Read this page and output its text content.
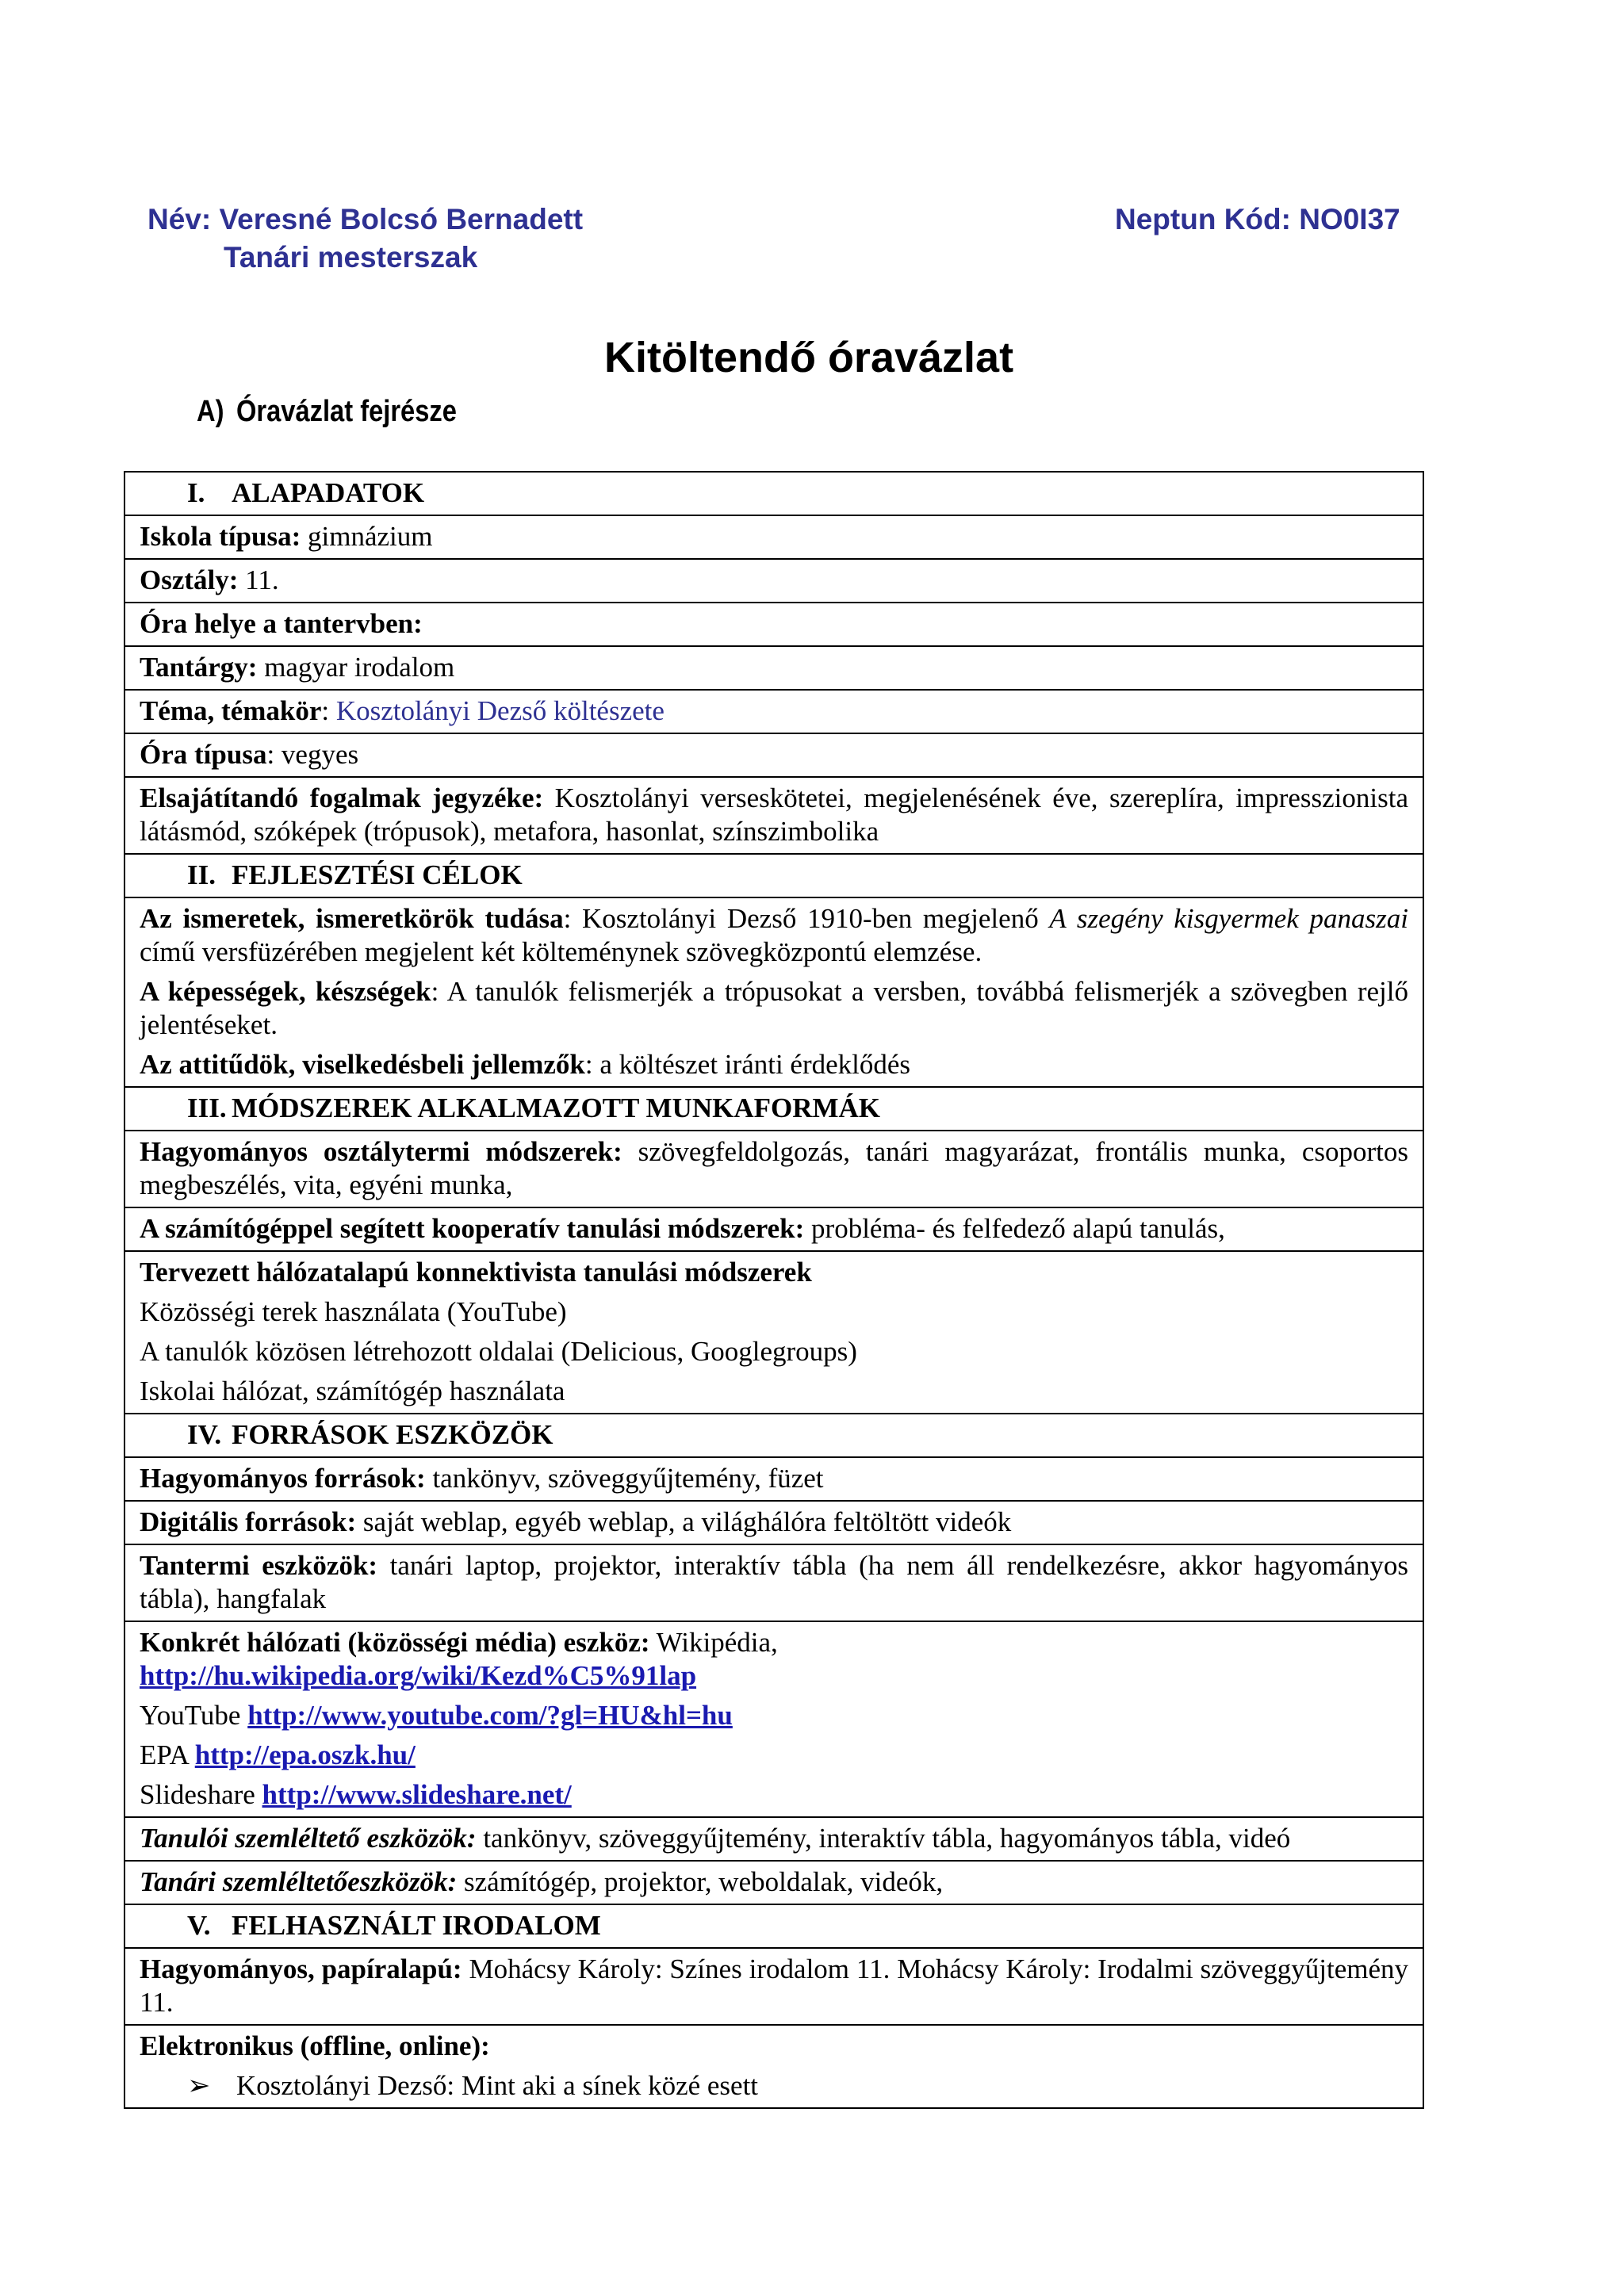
Név: Veresné Bolcsó Bernadett
Tanári mesterszak
Neptun Kód: NO0I37
Kitöltendő óravázlat
A) Óravázlat fejrésze
I. ALAPADATOK
Iskola típusa: gimnázium
Osztály: 11.
Óra helye a tantervben:
Tantárgy: magyar irodalom
Téma, témakör: Kosztolányi Dezső költészete
Óra típusa: vegyes
Elsajátítandó fogalmak jegyzéke: Kosztolányi verseskötetei, megjelenésének éve, szereplíra, impresszionista látásmód, szóképek (trópusok), metafora, hasonlat, színszimbolika
II. FEJLESZTÉSI CÉLOK
Az ismeretek, ismeretkörök tudása: Kosztolányi Dezső 1910-ben megjelenő A szegény kisgyermek panaszai című versfüzérében megjelent két költeménynek szövegközpontú elemzése.
A képességek, készségek: A tanulók felismerjék a trópusokat a versben, továbbá felismerjék a szövegben rejlő jelentéseket.
Az attitűdök, viselkedésbeli jellemzők: a költészet iránti érdeklődés
III. MÓDSZEREK ALKALMAZOTT MUNKAFORMÁK
Hagyományos osztálytermi módszerek: szövegfeldolgozás, tanári magyarázat, frontális munka, csoportos megbeszélés, vita, egyéni munka,
A számítógéppel segített kooperatív tanulási módszerek: probléma- és felfedező alapú tanulás,
Tervezett hálózatalapú konnektivista tanulási módszerek
Közösségi terek használata (YouTube)
A tanulók közösen létrehozott oldalai (Delicious, Googlegroups)
Iskolai hálózat, számítógép használata
IV. FORRÁSOK ESZKÖZÖK
Hagyományos források: tankönyv, szöveggyűjtemény, füzet
Digitális források: saját weblap, egyéb weblap, a világhálóra feltöltött videók
Tantermi eszközök: tanári laptop, projektor, interaktív tábla (ha nem áll rendelkezésre, akkor hagyományos tábla), hangfalak
Konkrét hálózati (közösségi média) eszköz: Wikipédia,
http://hu.wikipedia.org/wiki/Kezd%C5%91lap
YouTube http://www.youtube.com/?gl=HU&hl=hu
EPA http://epa.oszk.hu/
Slideshare http://www.slideshare.net/
Tanulói szemléltető eszközök: tankönyv, szöveggyűjtemény, interaktív tábla, hagyományos tábla, videó
Tanári szemléltetőeszközök: számítógép, projektor, weboldalak, videók,
V. FELHASZNÁLT IRODALOM
Hagyományos, papíralapú: Mohácsy Károly: Színes irodalom 11. Mohácsy Károly: Irodalmi szöveggyűjtemény 11.
Elektronikus (offline, online):
➢ Kosztolányi Dezső: Mint aki a sínek közé esett
